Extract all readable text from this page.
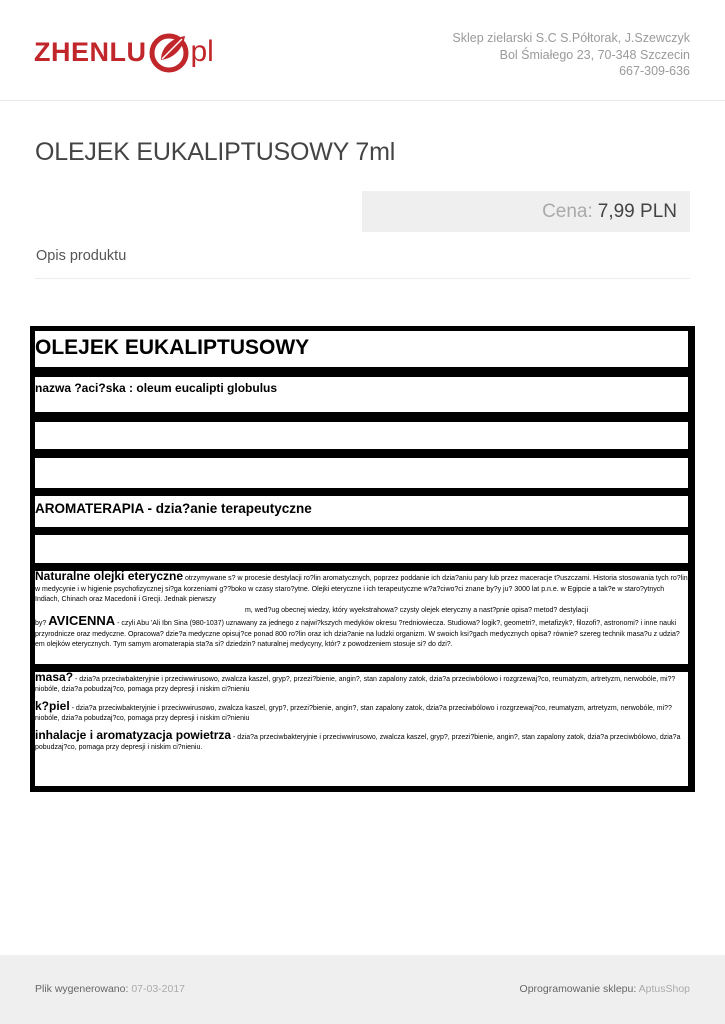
ZHENLU pl	Sklep zielarski S.C S.Półtorak, J.Szewczyk
Bol Śmiałego 23, 70-348 Szczecin
667-309-636
OLEJEK EUKALIPTUSOWY 7ml
Cena: 7,99 PLN
Opis produktu
OLEJEK EUKALIPTUSOWY
nazwa ?aci?ska : oleum eucalipti globulus
AROMATERAPIA - dzia?anie terapeutyczne
Naturalne olejki eteryczne otrzymywane s? w procesie destylacji ro?lin aromatycznych, poprzez poddanie ich dzia?aniu pary lub przez maceracje t?uszczami. Historia stosowania tych ro?lin w medycynie i w higienie psychofizycznej si?ga korzeniami g??boko w czasy staro?ytne. Olejki eteryczne i ich terapeutyczne w?a?ciwo?ci znane by?y ju? 3000 lat p.n.e. w Egipcie a tak?e w staro?ytnych Indiach, Chinach oraz Macedonii i Grecji. Jednak pierwszy
m, wed?ug obecnej wiedzy, który wyekstrahowa? czysty olejek eteryczny a nast?pnie opisa? metod? destylacji
by? AVICENNA - czyli Abu 'Ali Ibn Sina (980-1037) uznawany za jednego z najwi?kszych medyków okresu ?redniowiecza. Studiowa? logik?, geometri?, metafizyk?, filozofi?, astronomi? i inne nauki przyrodnicze oraz medyczne. Opracowa? dzie?a medyczne opisuj?ce ponad 800 ro?lin oraz ich dzia?anie na ludzki organizm. W swoich ksi?gach medycznych opisa? równie? szereg technik masa?u z udzia?em olejków eterycznych. Tym samym aromaterapia sta?a si? dziedzin? naturalnej medycyny, któr? z powodzeniem stosuje si? do dzi?.
masa? - dzia?a przeciwbakteryjnie i przeciwwirusowo, zwalcza kaszel, gryp?, przezi?bienie, angin?, stan zapalony zatok, dzia?a przeciwbólowo i rozgrzewaj?co, reumatyzm, artretyzm, nerwobóle, mi??niobóle, dzia?a pobudzaj?co, pomaga przy depresji i niskim ci?nieniu
k?piel - dzia?a przeciwbakteryjnie i przeciwwirusowo, zwalcza kaszel, gryp?, przezi?bienie, angin?, stan zapalony zatok, dzia?a przeciwbólowo i rozgrzewaj?co, reumatyzm, artretyzm, nerwobóle, mi??niobóle, dzia?a pobudzaj?co, pomaga przy depresji i niskim ci?nieniu
inhalacje i aromatyzacja powietrza - dzia?a przeciwbakteryjnie i przeciwwirusowo, zwalcza kaszel, gryp?, przezi?bienie, angin?, stan zapalony zatok, dzia?a przeciwbólowo, dzia?a pobudzaj?co, pomaga przy depresji i niskim ci?nieniu.
Plik wygenerowano: 07-03-2017	Oprogramowanie sklepu: AptusShop
